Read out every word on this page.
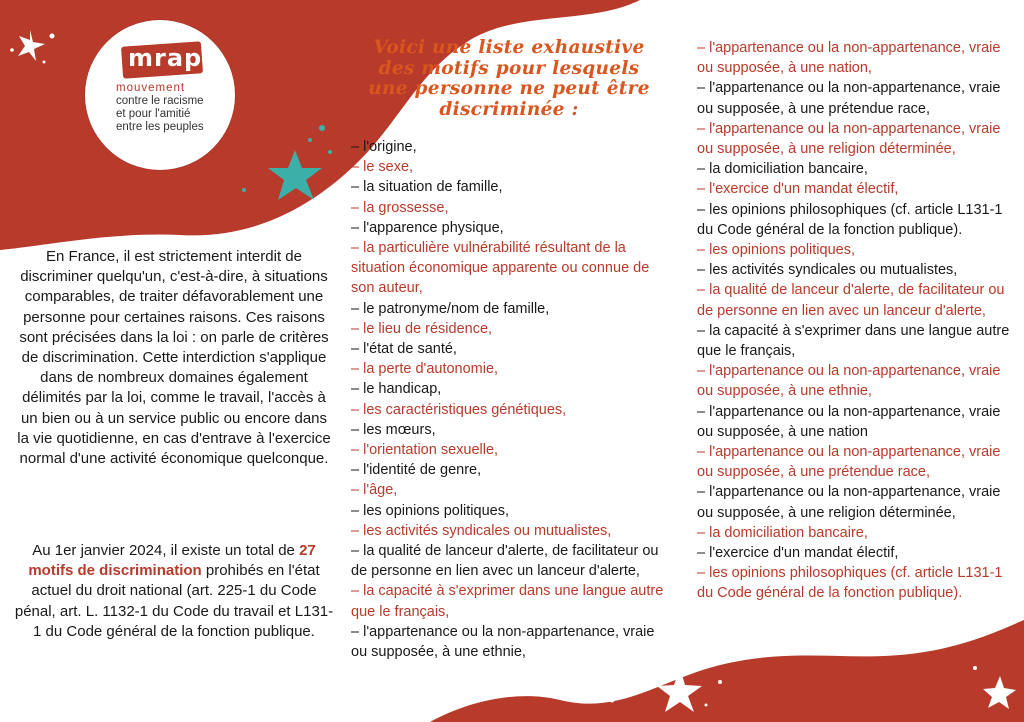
mrap
mouvement
contre le racisme
et pour l'amitié
entre les peuples
En France, il est strictement interdit de discriminer quelqu'un, c'est-à-dire, à situations comparables, de traiter défavorablement une personne pour certaines raisons. Ces raisons sont précisées dans la loi : on parle de critères de discrimination. Cette interdiction s'applique dans de nombreux domaines également délimités par la loi, comme le travail, l'accès à un bien ou à un service public ou encore dans la vie quotidienne, en cas d'entrave à l'exercice normal d'une activité économique quelconque.
Au 1er janvier 2024, il existe un total de 27 motifs de discrimination prohibés en l'état actuel du droit national (art. 225-1 du Code pénal, art. L. 1132-1 du Code du travail et L131-1 du Code général de la fonction publique.
Voici une liste exhaustive des motifs pour lesquels une personne ne peut être discriminée :
– l'origine,
– le sexe,
– la situation de famille,
– la grossesse,
– l'apparence physique,
– la particulière vulnérabilité résultant de la situation économique apparente ou connue de son auteur,
– le patronyme/nom de famille,
– le lieu de résidence,
– l'état de santé,
– la perte d'autonomie,
– le handicap,
– les caractéristiques génétiques,
– les mœurs,
– l'orientation sexuelle,
– l'identité de genre,
– l'âge,
– les opinions politiques,
– les activités syndicales ou mutualistes,
– la qualité de lanceur d'alerte, de facilitateur ou de personne en lien avec un lanceur d'alerte,
– la capacité à s'exprimer dans une langue autre que le français,
– l'appartenance ou la non-appartenance, vraie ou supposée, à une ethnie,
– l'appartenance ou la non-appartenance, vraie ou supposée, à une nation,
– l'appartenance ou la non-appartenance, vraie ou supposée, à une prétendue race,
– l'appartenance ou la non-appartenance, vraie ou supposée, à une religion déterminée,
– la domiciliation bancaire,
– l'exercice d'un mandat électif,
– les opinions philosophiques (cf. article L131-1 du Code général de la fonction publique).
– les opinions politiques,
– les activités syndicales ou mutualistes,
– la qualité de lanceur d'alerte, de facilitateur ou de personne en lien avec un lanceur d'alerte,
– la capacité à s'exprimer dans une langue autre que le français,
– l'appartenance ou la non-appartenance, vraie ou supposée, à une ethnie,
– l'appartenance ou la non-appartenance, vraie ou supposée, à une nation
– l'appartenance ou la non-appartenance, vraie ou supposée, à une prétendue race,
– l'appartenance ou la non-appartenance, vraie ou supposée, à une religion déterminée,
– la domiciliation bancaire,
– l'exercice d'un mandat électif,
– les opinions philosophiques (cf. article L131-1 du Code général de la fonction publique).
